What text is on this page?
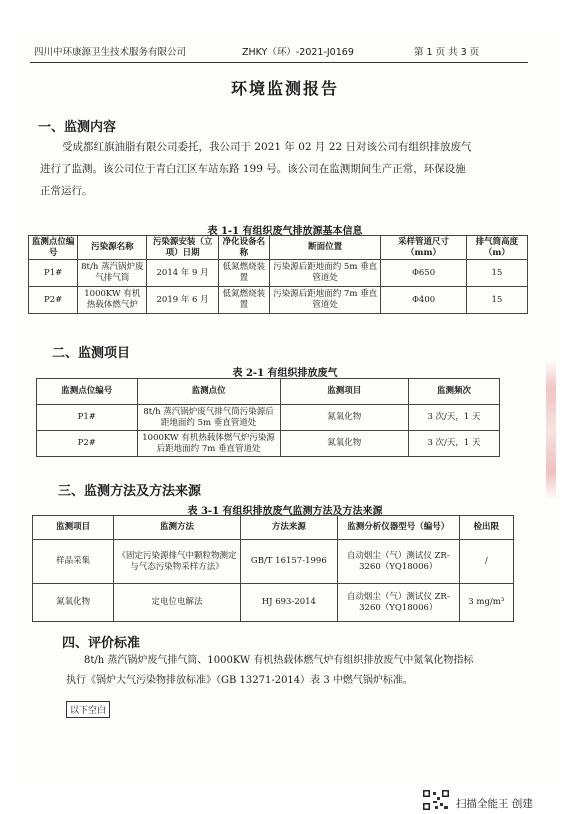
四川中环康源卫生技术服务有限公司	ZHKY（环）-2021-J0169	第 1 页 共 3 页
环境监测报告
一、监测内容
受成都红旗油脂有限公司委托，我公司于 2021 年 02 月 22 日对该公司有组织排放废气
进行了监测。该公司位于青白江区车站东路 199 号。该公司在监测期间生产正常，环保设施
正常运行。
表 1-1 有组织废气排放源基本信息
监测点位编号	污染源名称	污染源安装（立项）日期	净化设备名称	断面位置	采样管道尺寸（mm）	排气筒高度（m）
P1#	8t/h 蒸汽锅炉废气排气筒	2014 年 9 月	低氮燃烧装置	污染源后距地面约 5m 垂直管道处	Φ650	15
P2#	1000KW 有机热载体燃气炉	2019 年 6 月	低氮燃烧装置	污染源后距地面约 7m 垂直管道处	Φ400	15
二、监测项目
表 2-1 有组织排放废气
监测点位编号	监测点位	监测项目	监测频次
P1#	8t/h 蒸汽锅炉废气排气筒污染源后距地面约 5m 垂直管道处	氮氧化物	3 次/天，1 天
P2#	1000KW 有机热载体燃气炉污染源后距地面约 7m 垂直管道处	氮氧化物	3 次/天，1 天
三、监测方法及方法来源
表 3-1 有组织排放废气监测方法及方法来源
监测项目	监测方法	方法来源	监测分析仪器型号（编号）	检出限
样品采集	《固定污染源排气中颗粒物测定与气态污染物采样方法》	GB/T 16157-1996	自动烟尘（气）测试仪 ZR-3260（YQ18006）	/
氮氧化物	定电位电解法	HJ 693-2014	自动烟尘（气）测试仪 ZR-3260（YQ18006）	3 mg/m³
四、评价标准
8t/h 蒸汽锅炉废气排气筒、1000KW 有机热载体燃气炉有组织排放废气中氮氧化物指标
执行《锅炉大气污染物排放标准》（GB 13271-2014）表 3 中燃气锅炉标准。
以下空白
扫描全能王 创建
